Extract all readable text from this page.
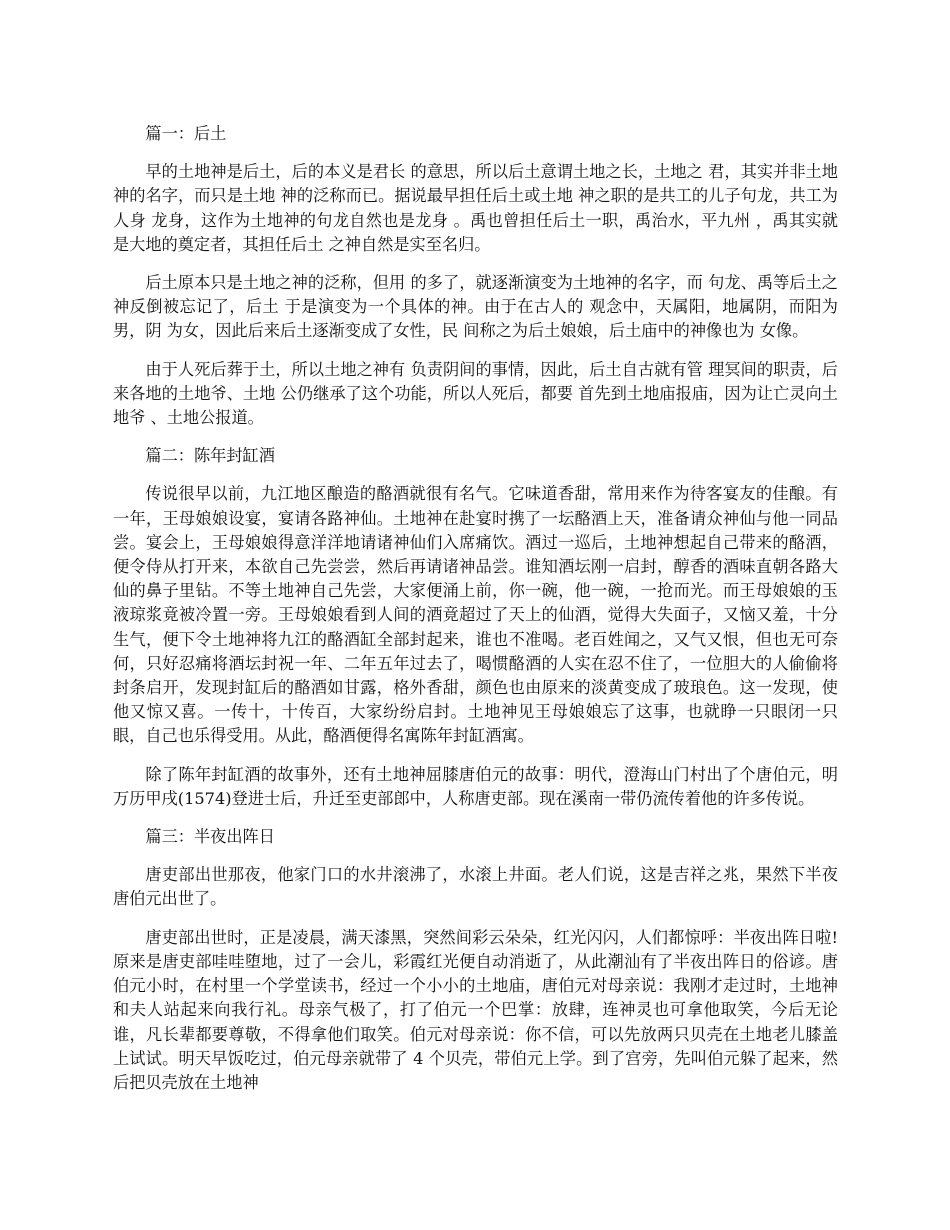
篇一：后土

早的土地神是后土，后的本义是君长 的意思，所以后土意谓土地之长，土地之 君，其实并非土地神的名字，而只是土地 神的泛称而已。据说最早担任后土或土地 神之职的是共工的儿子句龙，共工为人身 龙身，这作为土地神的句龙自然也是龙身 。禹也曾担任后土一职，禹治水，平九州 ，禹其实就是大地的奠定者，其担任后土 之神自然是实至名归。

后土原本只是土地之神的泛称，但用 的多了，就逐渐演变为土地神的名字，而 句龙、禹等后土之神反倒被忘记了，后土 于是演变为一个具体的神。由于在古人的 观念中，天属阳，地属阴，而阳为男，阴 为女，因此后来后土逐渐变成了女性，民 间称之为后土娘娘，后土庙中的神像也为 女像。

由于人死后葬于土，所以土地之神有 负责阴间的事情，因此，后土自古就有管 理冥间的职责，后来各地的土地爷、土地 公仍继承了这个功能，所以人死后，都要 首先到土地庙报庙，因为让亡灵向土地爷 、土地公报道。

篇二：陈年封缸酒

传说很早以前，九江地区酿造的酪酒就很有名气。它味道香甜，常用来作为待客宴友的佳酿。有一年，王母娘娘设宴，宴请各路神仙。土地神在赴宴时携了一坛酪酒上天，准备请众神仙与他一同品尝。宴会上，王母娘娘得意洋洋地请诸神仙们入席痛饮。酒过一巡后，土地神想起自己带来的酪酒，便令侍从打开来，本欲自己先尝尝，然后再请诸神品尝。谁知酒坛刚一启封，醇香的酒味直朝各路大仙的鼻子里钻。不等土地神自己先尝，大家便涌上前，你一碗，他一碗，一抢而光。而王母娘娘的玉液琼浆竟被冷置一旁。王母娘娘看到人间的酒竟超过了天上的仙酒，觉得大失面子，又恼又羞，十分生气，便下令土地神将九江的酪酒缸全部封起来，谁也不准喝。老百姓闻之，又气又恨，但也无可奈何，只好忍痛将酒坛封祝一年、二年五年过去了，喝惯酪酒的人实在忍不住了，一位胆大的人偷偷将封条启开，发现封缸后的酪酒如甘露，格外香甜，颜色也由原来的淡黄变成了玻琅色。这一发现，使他又惊又喜。一传十，十传百，大家纷纷启封。土地神见王母娘娘忘了这事，也就睁一只眼闭一只眼，自己也乐得受用。从此，酪酒便得名寓陈年封缸酒寓。

除了陈年封缸酒的故事外，还有土地神屈膝唐伯元的故事：明代，澄海山门村出了个唐伯元，明万历甲戌(1574)登进士后，升迁至吏部郎中，人称唐吏部。现在溪南一带仍流传着他的许多传说。

篇三：半夜出阵日

唐吏部出世那夜，他家门口的水井滚沸了，水滚上井面。老人们说，这是吉祥之兆，果然下半夜唐伯元出世了。

唐吏部出世时，正是凌晨，满天漆黑，突然间彩云朵朵，红光闪闪，人们都惊呼：半夜出阵日啦!原来是唐吏部哇哇堕地，过了一会儿，彩霞红光便自动消逝了，从此潮汕有了半夜出阵日的俗谚。唐伯元小时，在村里一个学堂读书，经过一个小小的土地庙，唐伯元对母亲说：我刚才走过时，土地神和夫人站起来向我行礼。母亲气极了，打了伯元一个巴掌：放肆，连神灵也可拿他取笑，今后无论谁，凡长辈都要尊敬，不得拿他们取笑。伯元对母亲说：你不信，可以先放两只贝壳在土地老儿膝盖上试试。明天早饭吃过，伯元母亲就带了 4 个贝壳，带伯元上学。到了宫旁，先叫伯元躲了起来，然后把贝壳放在土地神
